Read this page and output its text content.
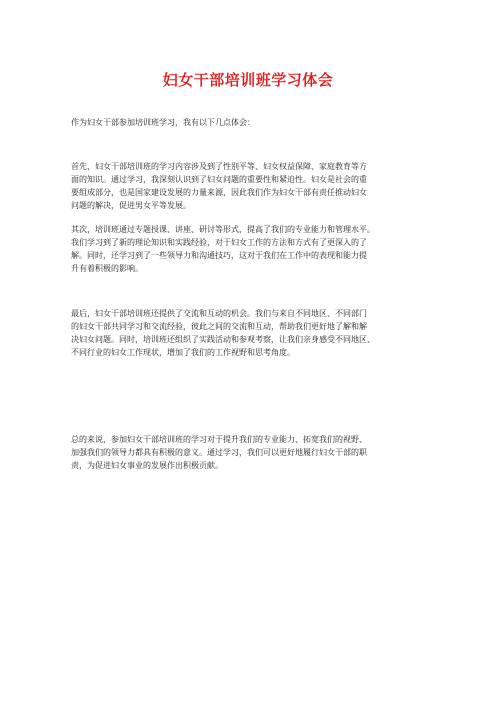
妇女干部培训班学习体会

作为妇女干部参加培训班学习，我有以下几点体会：

首先，妇女干部培训班的学习内容涉及到了性别平等、妇女权益保障、家庭教育等方
面的知识。通过学习，我深刻认识到了妇女问题的重要性和紧迫性。妇女是社会的重
要组成部分，也是国家建设发展的力量来源，因此我们作为妇女干部有责任推动妇女
问题的解决，促进男女平等发展。

其次，培训班通过专题授课、讲座、研讨等形式，提高了我们的专业能力和管理水平。
我们学习到了新的理论知识和实践经验，对于妇女工作的方法和方式有了更深入的了
解。同时，还学习到了一些领导力和沟通技巧，这对于我们在工作中的表现和能力提
升有着积极的影响。

最后，妇女干部培训班还提供了交流和互动的机会。我们与来自不同地区、不同部门
的妇女干部共同学习和交流经验，彼此之间的交流和互动，帮助我们更好地了解和解
决妇女问题。同时，培训班还组织了实践活动和参观考察，让我们亲身感受不同地区、
不同行业的妇女工作现状，增加了我们的工作视野和思考角度。

总的来说，参加妇女干部培训班的学习对于提升我们的专业能力、拓宽我们的视野、
加强我们的领导力都具有积极的意义。通过学习，我们可以更好地履行妇女干部的职
责，为促进妇女事业的发展作出积极贡献。
